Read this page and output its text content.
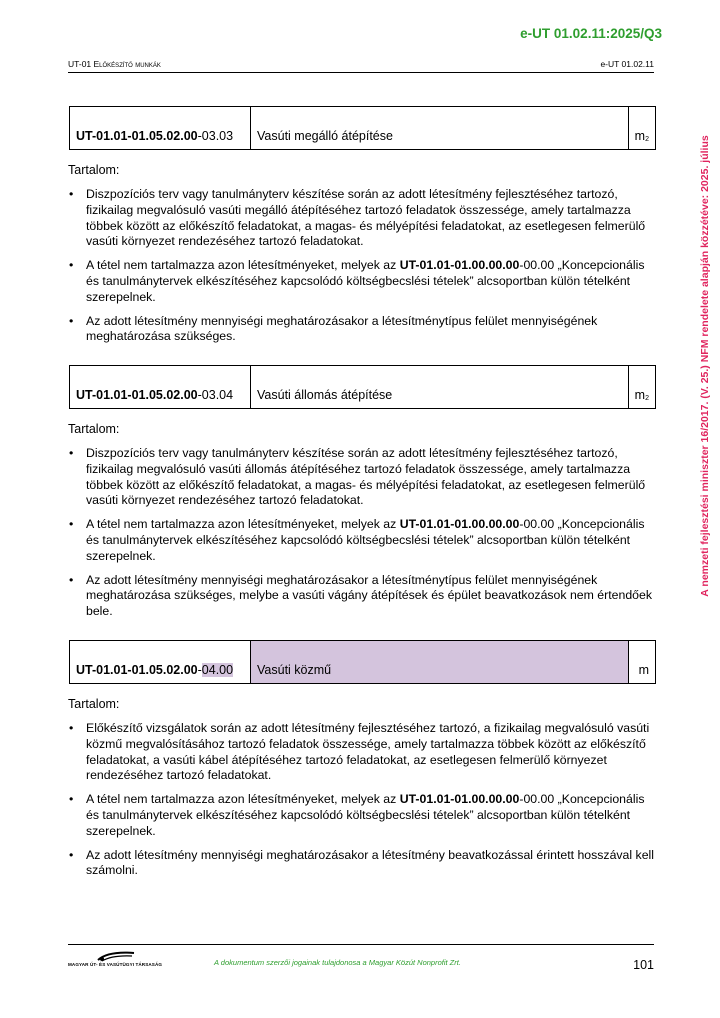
e-UT 01.02.11:2025/Q3
UT-01 Előkészítő munkák	e-UT 01.02.11
A nemzeti fejlesztési miniszter 16/2017. (V. 25.) NFM rendelete alapján közzétéve: 2025. július
UT-01.01-01.05.02.00 -03.03	Vasúti megálló átépítése	$m_2$
Tartalom:
• Diszpozíciós terv vagy tanulmányterv készítése során az adott létesítmény fejlesztéséhez tartozó, fizikailag megvalósuló vasúti megálló átépítéséhez tartozó feladatok összessége, amely tartalmazza többek között az előkészítő feladatokat, a magas- és mélyépítési feladatokat, az esetlegesen felmerülő vasúti környezet rendezéséhez tartozó feladatokat.
• A tétel nem tartalmazza azon létesítményeket, melyek az UT-01.01-01.00.00.00-00.00 „Koncepcionális és tanulmánytervek elkészítéséhez kapcsolódó költségbecslési tételek” alcsoportban külön tételként szerepelnek.
• Az adott létesítmény mennyiségi meghatározásakor a létesítménytípus felület mennyiségének meghatározása szükséges.
UT-01.01-01.05.02.00 -03.04	Vasúti állomás átépítése	$m_2$
Tartalom:
• Diszpozíciós terv vagy tanulmányterv készítése során az adott létesítmény fejlesztéséhez tartozó, fizikailag megvalósuló vasúti állomás átépítéséhez tartozó feladatok összessége, amely tartalmazza többek között az előkészítő feladatokat, a magas- és mélyépítési feladatokat, az esetlegesen felmerülő vasúti környezet rendezéséhez tartozó feladatokat.
• A tétel nem tartalmazza azon létesítményeket, melyek az UT-01.01-01.00.00.00-00.00 „Koncepcionális és tanulmánytervek elkészítéséhez kapcsolódó költségbecslési tételek” alcsoportban külön tételként szerepelnek.
• Az adott létesítmény mennyiségi meghatározásakor a létesítménytípus felület mennyiségének meghatározása szükséges, melybe a vasúti vágány átépítések és épület beavatkozások nem értendőek bele.
UT-01.01-01.05.02.00 - 04.00	Vasúti közmű	m
Tartalom:
• Előkészítő vizsgálatok során az adott létesítmény fejlesztéséhez tartozó, a fizikailag megvalósuló vasúti közmű megvalósításához tartozó feladatok összessége, amely tartalmazza többek között az előkészítő feladatokat, a vasúti kábel átépítéséhez tartozó feladatokat, az esetlegesen felmerülő környezet rendezéséhez tartozó feladatokat.
• A tétel nem tartalmazza azon létesítményeket, melyek az UT-01.01-01.00.00.00-00.00 „Koncepcionális és tanulmánytervek elkészítéséhez kapcsolódó költségbecslési tételek” alcsoportban külön tételként szerepelnek.
• Az adott létesítmény mennyiségi meghatározásakor a létesítmény beavatkozással érintett hosszával kell számolni.
MAGYAR ÚT- ÉS VASÚTÜGYI TÁRSASÁG	A dokumentum szerzői jogainak tulajdonosa a Magyar Közút Nonprofit Zrt.	101
